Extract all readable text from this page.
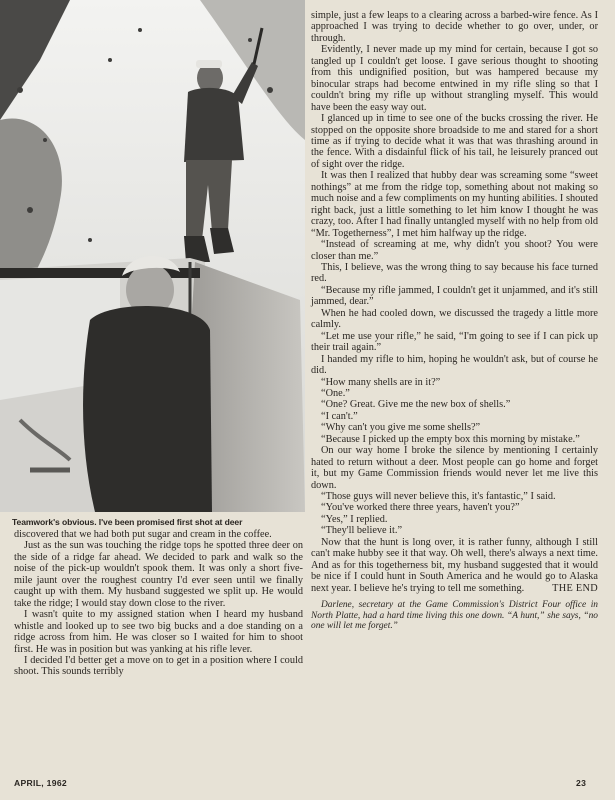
Teamwork's obvious. I've been promised first shot at deer

discovered that we had both put sugar and cream in the coffee.

Just as the sun was touching the ridge tops he spotted three deer on the side of a ridge far ahead. We decided to park and walk so the noise of the pick-up wouldn't spook them. It was only a short five-mile jaunt over the roughest country I'd ever seen until we finally caught up with them. My husband suggested we split up. He would take the ridge; I would stay down close to the river.

I wasn't quite to my assigned station when I heard my husband whistle and looked up to see two big bucks and a doe standing on a ridge across from him. He was closer so I waited for him to shoot first. He was in position but was yanking at his rifle lever.

I decided I'd better get a move on to get in a position where I could shoot. This sounds terribly

simple, just a few leaps to a clearing across a barbed-wire fence. As I approached I was trying to decide whether to go over, under, or through.

Evidently, I never made up my mind for certain, because I got so tangled up I couldn't get loose. I gave serious thought to shooting from this undignified position, but was hampered because my binocular straps had become entwined in my rifle sling so that I couldn't bring my rifle up without strangling myself. This would have been the easy way out.

I glanced up in time to see one of the bucks crossing the river. He stopped on the opposite shore broadside to me and stared for a short time as if trying to decide what it was that was thrashing around in the fence. With a disdainful flick of his tail, he leisurely pranced out of sight over the ridge.

It was then I realized that hubby dear was screaming some “sweet nothings” at me from the ridge top, something about not making so much noise and a few compliments on my hunting abilities. I shouted right back, just a little something to let him know I thought he was crazy, too. After I had finally untangled myself with no help from old “Mr. Togetherness”, I met him halfway up the ridge.

“Instead of screaming at me, why didn't you shoot? You were closer than me.”

This, I believe, was the wrong thing to say because his face turned red.

“Because my rifle jammed, I couldn't get it unjammed, and it's still jammed, dear.”

When he had cooled down, we discussed the tragedy a little more calmly.

“Let me use your rifle,” he said, “I'm going to see if I can pick up their trail again.”

I handed my rifle to him, hoping he wouldn't ask, but of course he did.

“How many shells are in it?”

“One.”

“One? Great. Give me the new box of shells.”

“I can't.”

“Why can't you give me some shells?”

“Because I picked up the empty box this morning by mistake.”

On our way home I broke the silence by mentioning I certainly hated to return without a deer. Most people can go home and forget it, but my Game Commission friends would never let me live this down.

“Those guys will never believe this, it's fantastic,” I said.

“You've worked there three years, haven't you?”

“Yes,” I replied.

“They'll believe it.”

Now that the hunt is long over, it is rather funny, although I still can't make hubby see it that way. Oh well, there's always a next time. And as for this togetherness bit, my husband suggested that it would be nice if I could hunt in South America and he would go to Alaska next year. I believe he's trying to tell me something.	THE END

Darlene, secretary at the Game Commission's District Four office in North Platte, had a hard time living this one down. “A hunt,” she says, “no one will let me forget.”

APRIL, 1962	23
